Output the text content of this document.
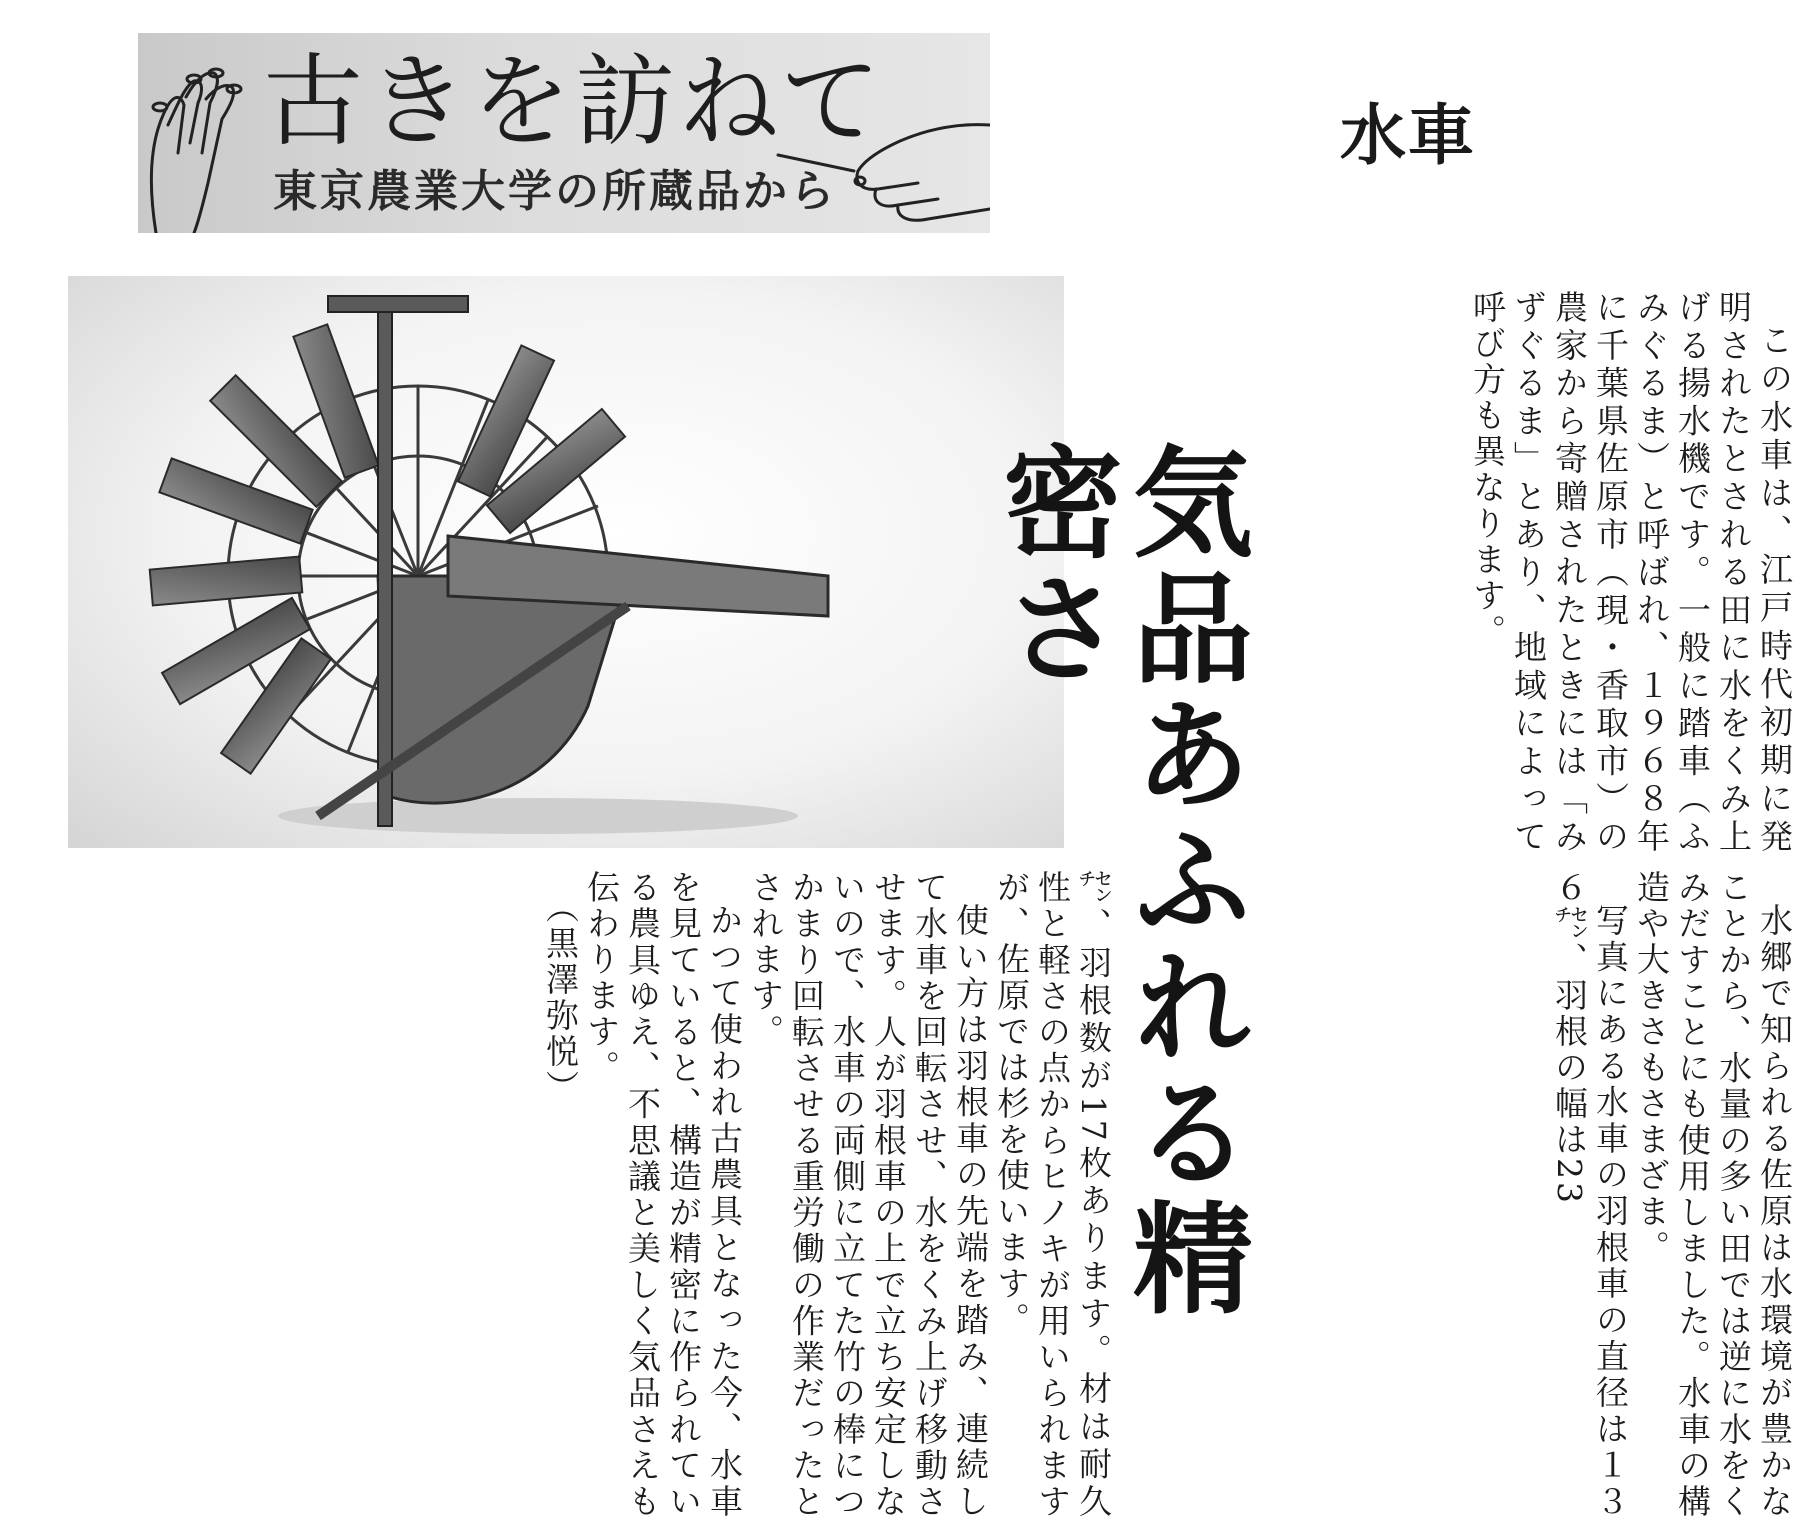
古きを訪ねて
東京農業大学の所蔵品から
水車
気品あふれる精密さ	この水車は、江戸時代初期に発明されたとされる田に水をくみ上げる揚水機です。一般に踏車（ふみぐるま）と呼ばれ、１９６８年に千葉県佐原市（現・香取市）の農家から寄贈されたときには「みずぐるま」とあり、地域によって呼び方も異なります。

水郷で知られる佐原は水環境が豊かなことから、水量の多い田では逆に水をくみだすことにも使用しました。水車の構造や大きさもさまざま。

写真にある水車の羽根車の直径は１３６㌢、羽根の幅は23

㌢、羽根数が17枚あります。材は耐久性と軽さの点からヒノキが用いられますが、佐原では杉を使います。

使い方は羽根車の先端を踏み、連続して水車を回転させ、水をくみ上げ移動させます。人が羽根車の上で立ち安定しないので、水車の両側に立てた竹の棒につかまり回転させる重労働の作業だったとされます。

かつて使われ古農具となった今、水車を見ていると、構造が精密に作られている農具ゆえ、不思議と美しく気品さえも伝わります。

（黒澤弥悦）
